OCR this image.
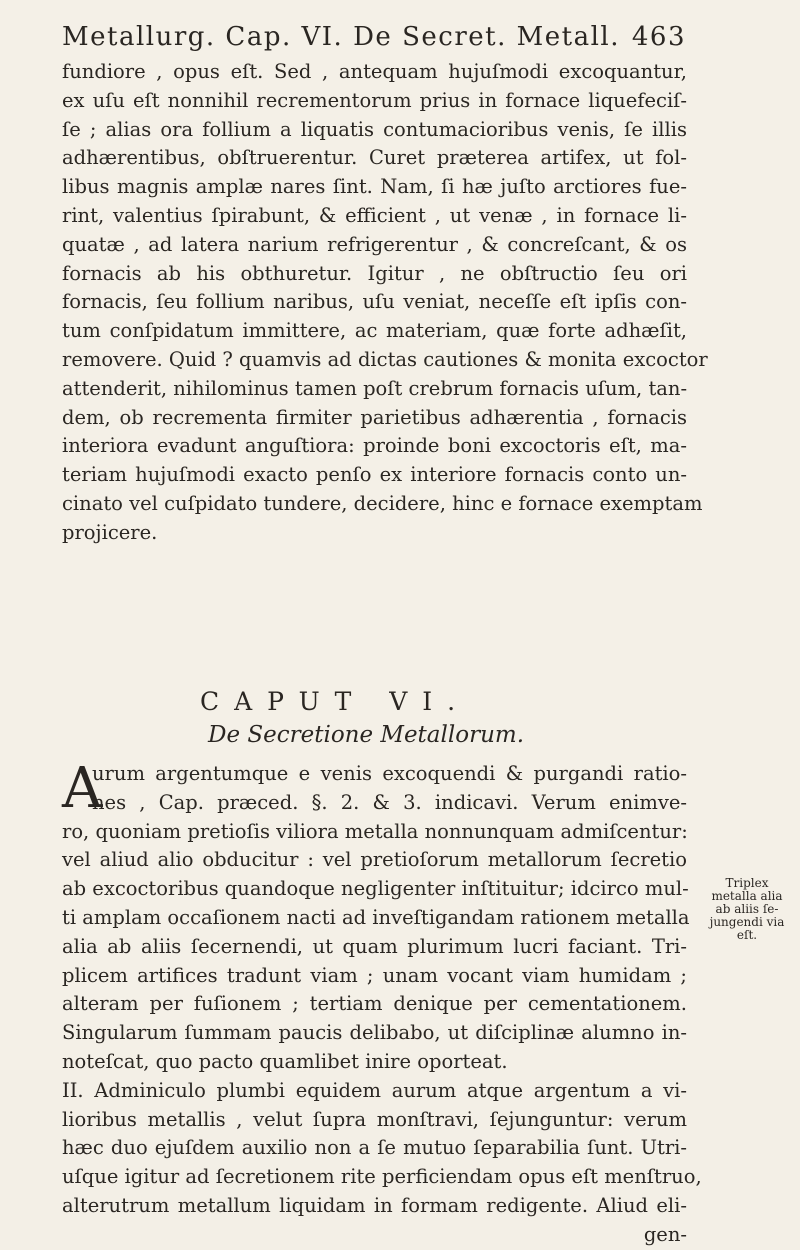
Metallurg. Cap. VI. De Secret. Metall. 463
fundiore , opus eſt. Sed , antequam hujuſmodi excoquantur,
ex uſu eſt nonnihil recrementorum prius in fornace liquefeciſ-
ſe ; alias ora follium a liquatis contumacioribus venis, ſe illis
adhærentibus, obſtruerentur. Curet præterea artifex, ut fol-
libus magnis amplæ nares ſint. Nam, ſi hæ juſto arctiores fue-
rint, valentius ſpirabunt, & efficient , ut venæ , in fornace li-
quatæ , ad latera narium refrigerentur , & concreſcant, & os
fornacis ab his obthuretur. Igitur , ne obſtructio ſeu ori
fornacis, ſeu follium naribus, uſu veniat, neceſſe eſt ipſis con-
tum conſpidatum immittere, ac materiam, quæ forte adhæſit,
removere. Quid ? quamvis ad dictas cautiones & monita excoctor
attenderit, nihilominus tamen poſt crebrum fornacis uſum, tan-
dem, ob recrementa firmiter parietibus adhærentia , fornacis
interiora evadunt anguſtiora: proinde boni excoctoris eſt, ma-
teriam hujuſmodi exacto penſo ex interiore fornacis conto un-
cinato vel cuſpidato tundere, decidere, hinc e fornace exemptam
projicere.
CAPUT VI.
De Secretione Metallorum.
A
urum argentumque e venis excoquendi & purgandi ratio-
nes , Cap. præced. §. 2. & 3. indicavi. Verum enimve-
ro, quoniam pretioſis viliora metalla nonnunquam admiſcentur:
vel aliud alio obducitur : vel pretioſorum metallorum ſecretio
ab excoctoribus quandoque negligenter inſtituitur; idcirco mul-
ti amplam occaſionem nacti ad inveſtigandam rationem metalla
alia ab aliis ſecernendi, ut quam plurimum lucri faciant. Tri-
plicem artifices tradunt viam ; unam vocant viam humidam ;
alteram per fuſionem ; tertiam denique per cementationem.
Singularum ſummam paucis delibabo, ut diſciplinæ alumno in-
noteſcat, quo pacto quamlibet inire oporteat.
II. Adminiculo plumbi equidem aurum atque argentum a vi-
lioribus metallis , velut ſupra monſtravi, ſejunguntur: verum
hæc duo ejuſdem auxilio non a ſe mutuo ſeparabilia ſunt. Utri-
uſque igitur ad ſecretionem rite perficiendam opus eſt menſtruo,
alterutrum metallum liquidam in formam redigente. Aliud eli-
gen-
Triplex
metalla alia
ab aliis ſe-
jungendi via
eſt.
